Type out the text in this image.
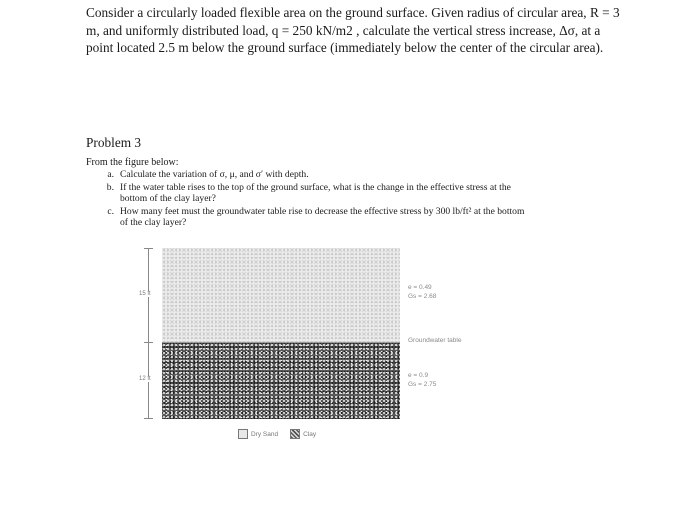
Consider a circularly loaded flexible area on the ground surface. Given radius of circular area, R = 3 m, and uniformly distributed load, q = 250 kN/m2 , calculate the vertical stress increase, Δσ, at a point located 2.5 m below the ground surface (immediately below the center of the circular area).
Problem 3
From the figure below:
a. Calculate the variation of σ, μ, and σ′ with depth.
b. If the water table rises to the top of the ground surface, what is the change in the effective stress at the bottom of the clay layer?
c. How many feet must the groundwater table rise to decrease the effective stress by 300 lb/ft² at the bottom of the clay layer?
15 ft
12 ft
e = 0.49
Gs = 2.68
Groundwater table
e = 0.9
Gs = 2.75
Dry Sand	Clay
